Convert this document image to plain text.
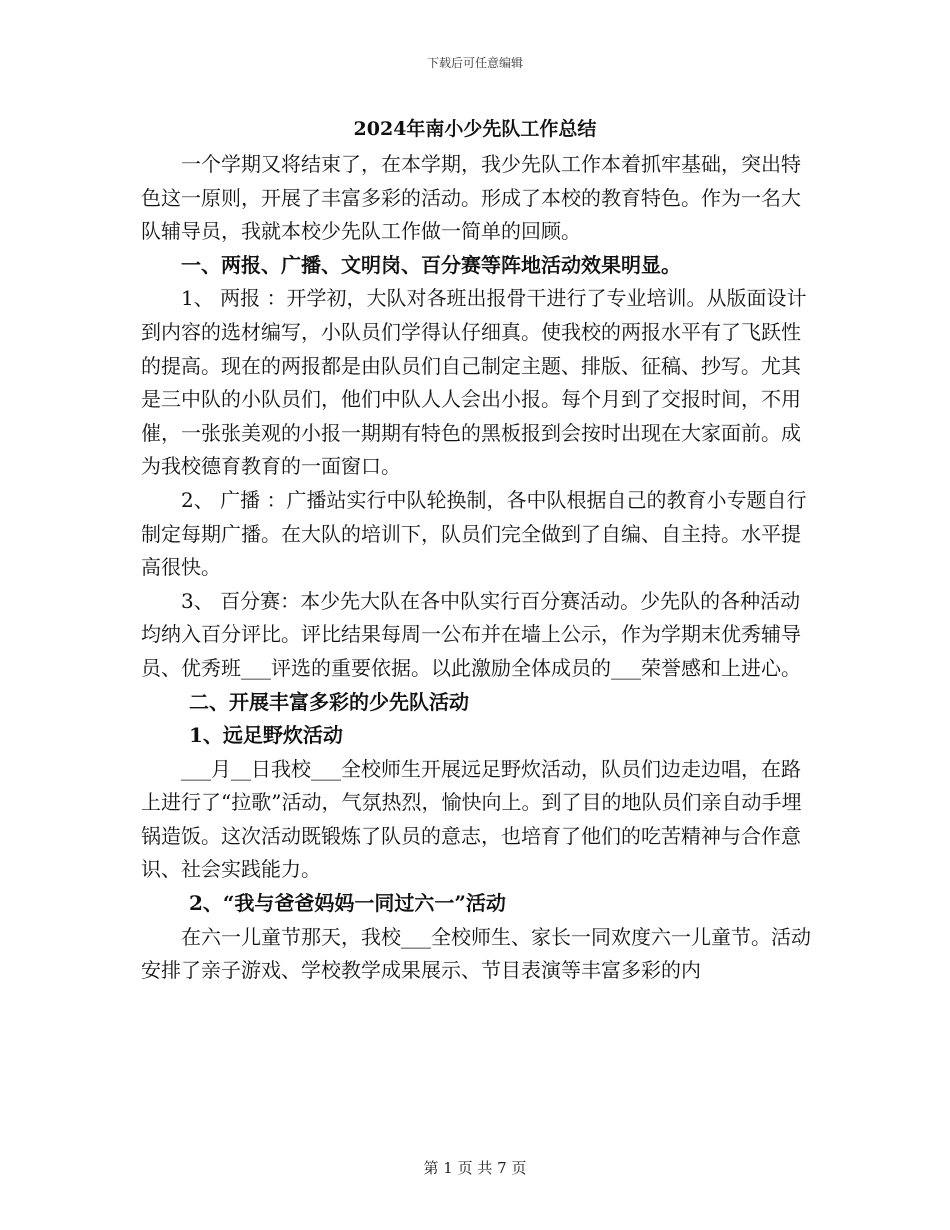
下载后可任意编辑
2024年南小少先队工作总结

一个学期又将结束了，在本学期，我少先队工作本着抓牢基础，突出特色这一原则，开展了丰富多彩的活动。形成了本校的教育特色。作为一名大队辅导员，我就本校少先队工作做一简单的回顾。

一、两报、广播、文明岗、百分赛等阵地活动效果明显。

1、 两报 ：开学初，大队对各班出报骨干进行了专业培训。从版面设计到内容的选材编写，小队员们学得认仔细真。使我校的两报水平有了飞跃性的提高。现在的两报都是由队员们自己制定主题、排版、征稿、抄写。尤其是三中队的小队员们，他们中队人人会出小报。每个月到了交报时间，不用催，一张张美观的小报一期期有特色的黑板报到会按时出现在大家面前。成为我校德育教育的一面窗口。

2、 广播 ：广播站实行中队轮换制，各中队根据自己的教育小专题自行制定每期广播。在大队的培训下，队员们完全做到了自编、自主持。水平提高很快。

3、 百分赛：本少先大队在各中队实行百分赛活动。少先队的各种活动均纳入百分评比。评比结果每周一公布并在墙上公示，作为学期末优秀辅导员、优秀班___评选的重要依据。以此激励全体成员的___荣誉感和上进心。

二、开展丰富多彩的少先队活动

1、远足野炊活动

___月__日我校___全校师生开展远足野炊活动，队员们边走边唱，在路上进行了“拉歌”活动，气氛热烈，愉快向上。到了目的地队员们亲自动手埋锅造饭。这次活动既锻炼了队员的意志，也培育了他们的吃苦精神与合作意识、社会实践能力。

2、“我与爸爸妈妈一同过六一”活动

在六一儿童节那天，我校___全校师生、家长一同欢度六一儿童节。活动安排了亲子游戏、学校教学成果展示、节目表演等丰富多彩的内

第 1 页 共 7 页
